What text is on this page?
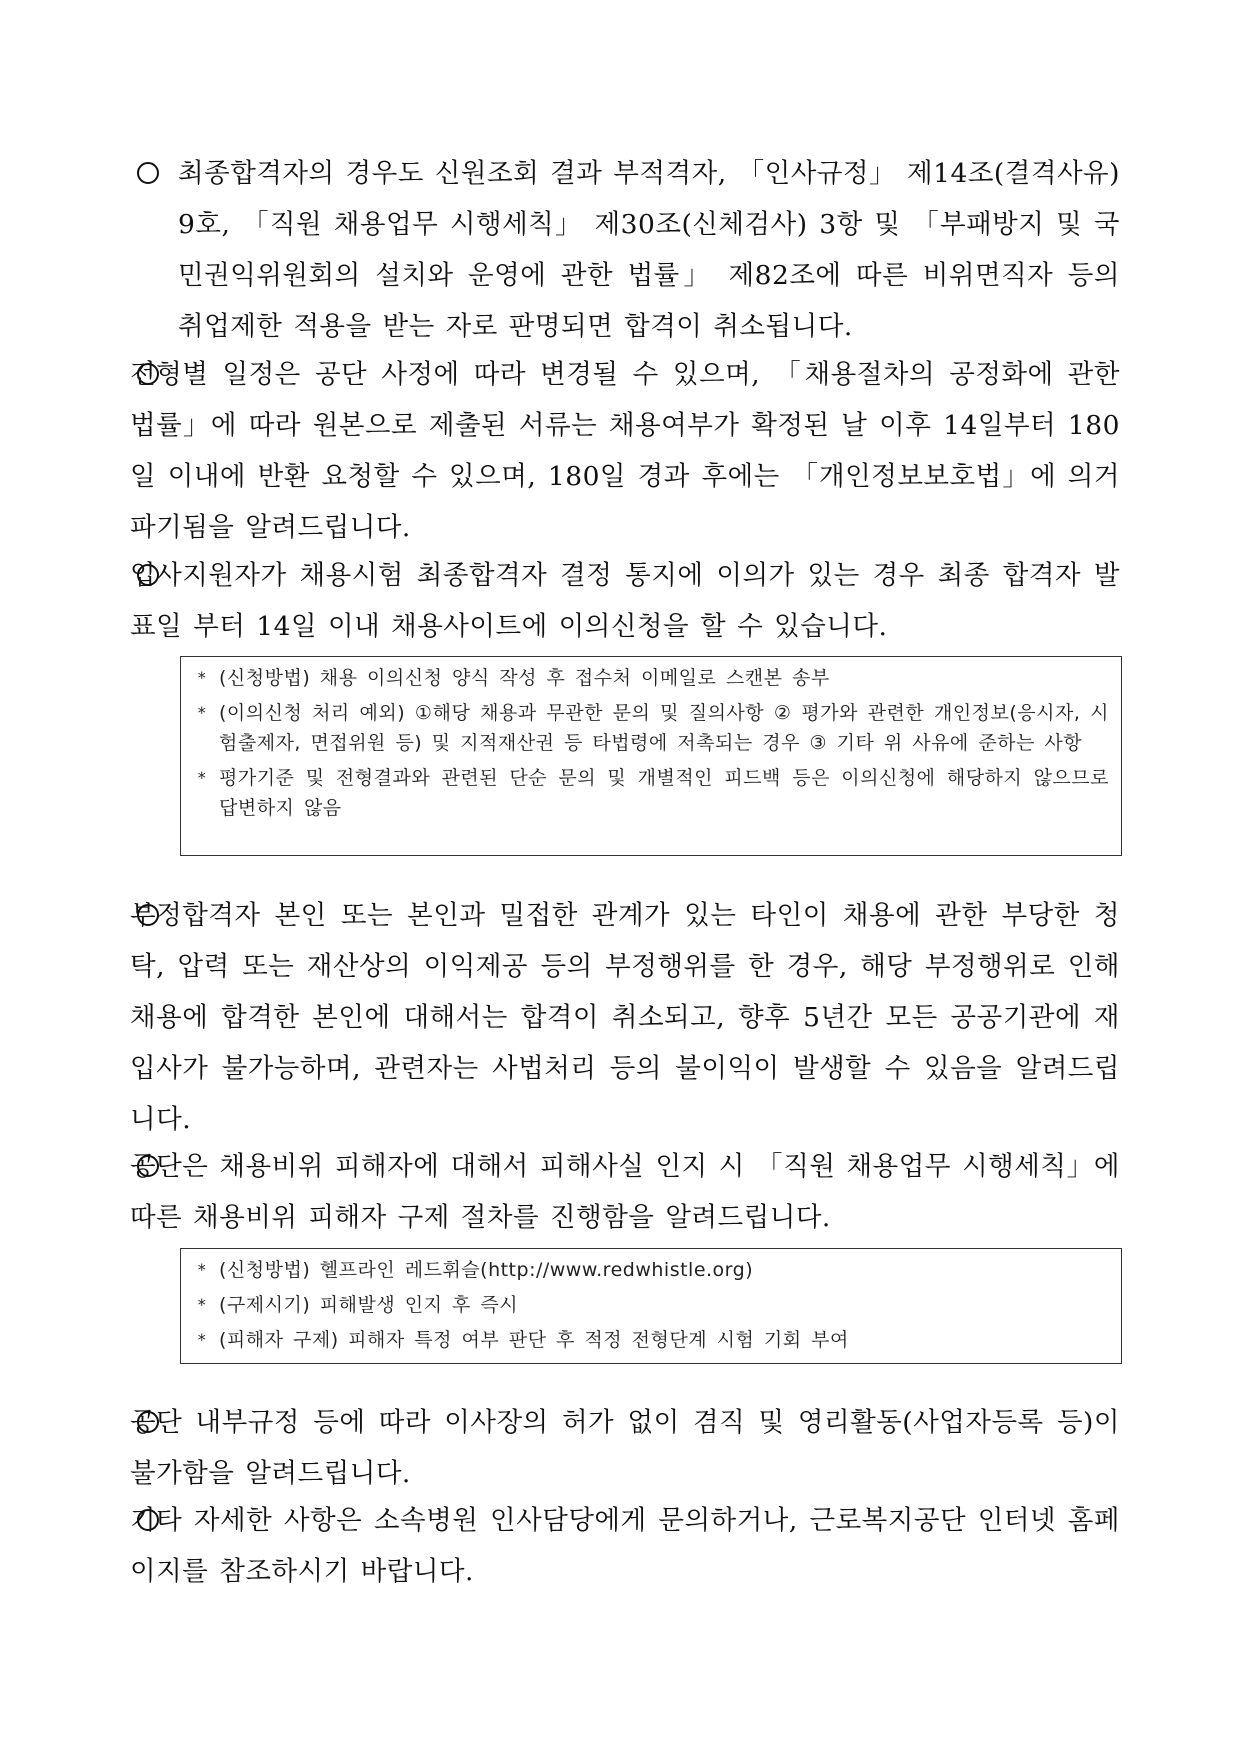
최종합격자의 경우도 신원조회 결과 부적격자, 「인사규정」 제14조(결격사유) 9호, 「직원 채용업무 시행세칙」 제30조(신체검사) 3항 및 「부패방지 및 국민권익위원회의 설치와 운영에 관한 법률」 제82조에 따른 비위면직자 등의 취업제한 적용을 받는 자로 판명되면 합격이 취소됩니다.

전형별 일정은 공단 사정에 따라 변경될 수 있으며, 「채용절차의 공정화에 관한 법률」에 따라 원본으로 제출된 서류는 채용여부가 확정된 날 이후 14일부터 180일 이내에 반환 요청할 수 있으며, 180일 경과 후에는 「개인정보보호법」에 의거 파기됨을 알려드립니다.

입사지원자가 채용시험 최종합격자 결정 통지에 이의가 있는 경우 최종 합격자 발표일 부터 14일 이내 채용사이트에 이의신청을 할 수 있습니다.

* (신청방법) 채용 이의신청 양식 작성 후 접수처 이메일로 스캔본 송부

* (이의신청 처리 예외) ①해당 채용과 무관한 문의 및 질의사항 ② 평가와 관련한 개인정보(응시자, 시험출제자, 면접위원 등) 및 지적재산권 등 타법령에 저촉되는 경우 ③ 기타 위 사유에 준하는 사항

* 평가기준 및 전형결과와 관련된 단순 문의 및 개별적인 피드백 등은 이의신청에 해당하지 않으므로 답변하지 않음

부정합격자 본인 또는 본인과 밀접한 관계가 있는 타인이 채용에 관한 부당한 청탁, 압력 또는 재산상의 이익제공 등의 부정행위를 한 경우, 해당 부정행위로 인해 채용에 합격한 본인에 대해서는 합격이 취소되고, 향후 5년간 모든 공공기관에 재입사가 불가능하며, 관련자는 사법처리 등의 불이익이 발생할 수 있음을 알려드립니다.

공단은 채용비위 피해자에 대해서 피해사실 인지 시 「직원 채용업무 시행세칙」에 따른 채용비위 피해자 구제 절차를 진행함을 알려드립니다.

* (신청방법) 헬프라인 레드휘슬(http://www.redwhistle.org)

* (구제시기) 피해발생 인지 후 즉시

* (피해자 구제) 피해자 특정 여부 판단 후 적정 전형단계 시험 기회 부여

공단 내부규정 등에 따라 이사장의 허가 없이 겸직 및 영리활동(사업자등록 등)이 불가함을 알려드립니다.

기타 자세한 사항은 소속병원 인사담당에게 문의하거나, 근로복지공단 인터넷 홈페이지를 참조하시기 바랍니다.
